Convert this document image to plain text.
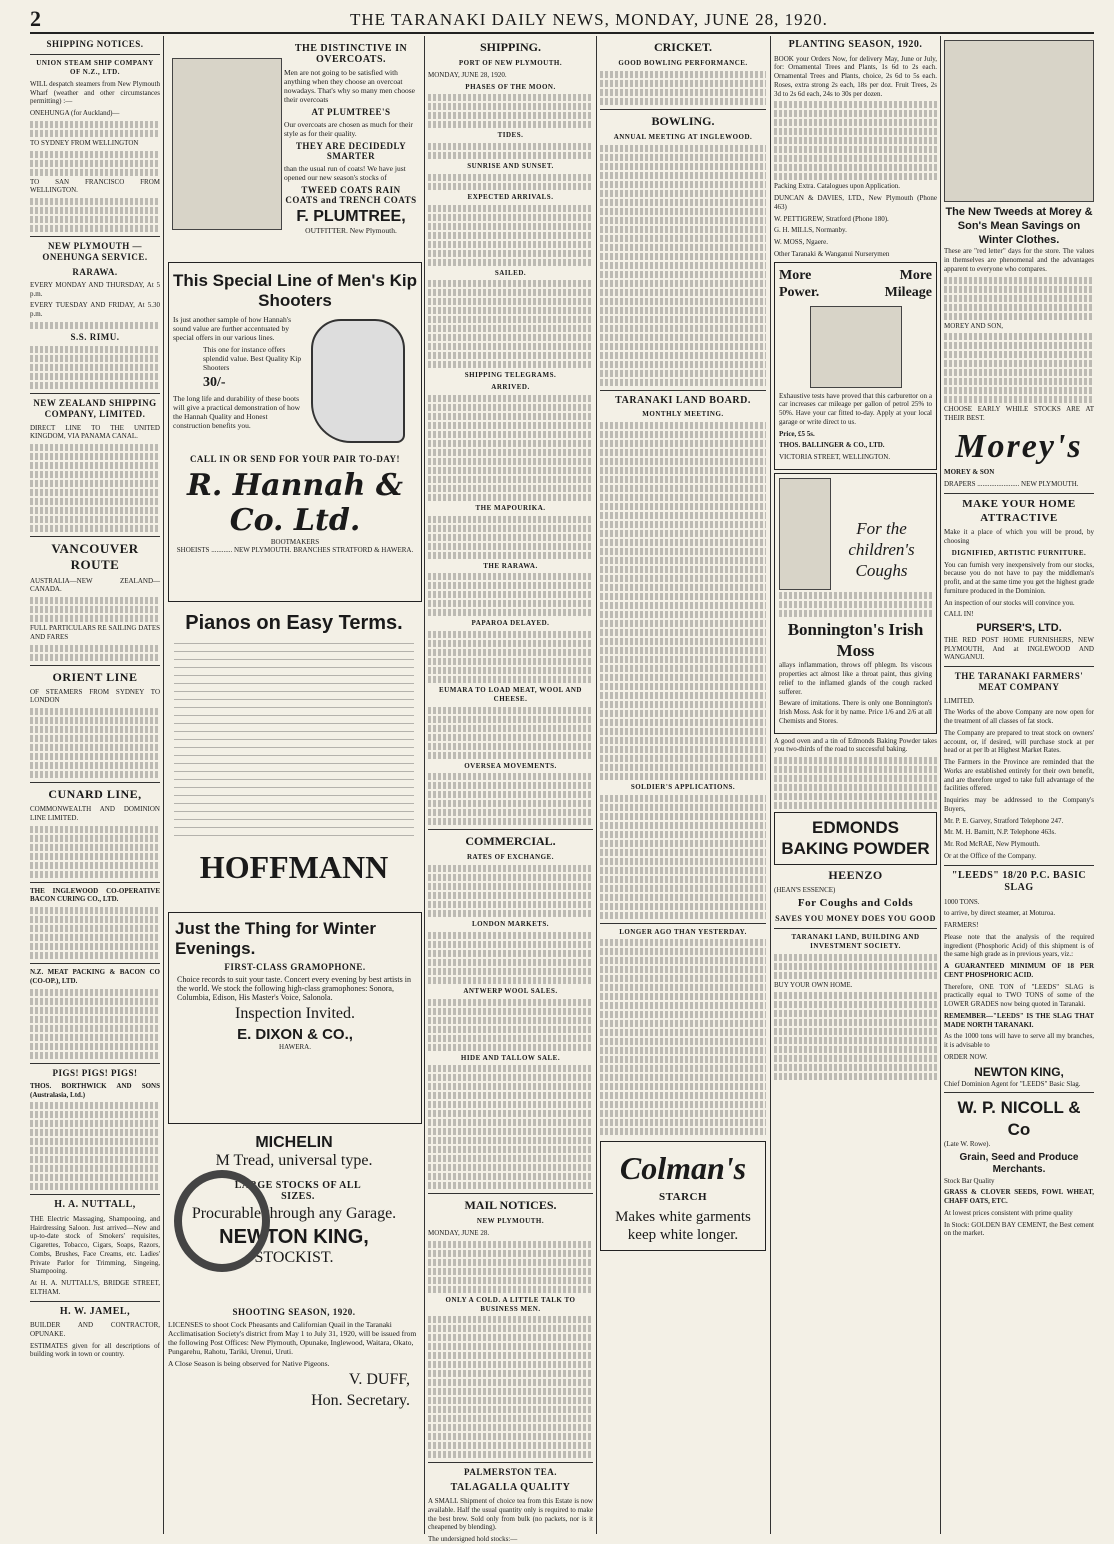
2	THE TARANAKI DAILY NEWS, MONDAY, JUNE 28, 1920.
SHIPPING NOTICES.
UNION STEAM SHIP COMPANY OF N.Z., LTD.

WILL despatch steamers from New Plymouth Wharf (weather and other circumstances permitting) :—

ONEHUNGA (for Auckland)—

TO SYDNEY FROM WELLINGTON

TO SAN FRANCISCO FROM WELLINGTON.

NEW PLYMOUTH — ONEHUNGA SERVICE.
RARAWA.

EVERY MONDAY AND THURSDAY, At 5 p.m.

EVERY TUESDAY AND FRIDAY, At 5.30 p.m.

S.S. RIMU.
NEW ZEALAND SHIPPING COMPANY, LIMITED.

DIRECT LINE TO THE UNITED KINGDOM, VIA PANAMA CANAL.

VANCOUVER ROUTE

AUSTRALIA—NEW ZEALAND—CANADA.

FULL PARTICULARS RE SAILING DATES AND FARES

ORIENT LINE

OF STEAMERS FROM SYDNEY TO LONDON

CUNARD LINE,

COMMONWEALTH AND DOMINION LINE LIMITED.

THE INGLEWOOD CO-OPERATIVE BACON CURING CO., LTD.

N.Z. MEAT PACKING & BACON CO (CO-OP.), LTD.

PIGS! PIGS! PIGS!

THOS. BORTHWICK AND SONS (Australasia, Ltd.)

H. A. NUTTALL,

THE Electric Massaging, Shampooing, and Hairdressing Saloon. Just arrived—New and up-to-date stock of Smokers' requisites, Cigarettes, Tobacco, Cigars, Soaps, Razors, Combs, Brushes, Face Creams, etc. Ladies' Private Parlor for Trimming, Singeing, Shampooing.

At H. A. NUTTALL'S, BRIDGE STREET, ELTHAM.

H. W. JAMEL,

BUILDER AND CONTRACTOR, OPUNAKE.

ESTIMATES given for all descriptions of building work in town or country.

THE DISTINCTIVE IN OVERCOATS.

Men are not going to be satisfied with anything when they choose an overcoat nowadays. That's why so many men choose their overcoats

AT PLUMTREE'S

Our overcoats are chosen as much for their style as for their quality.

THEY ARE DECIDEDLY SMARTER

than the usual run of coats! We have just opened our new season's stocks of

TWEED COATS RAIN COATS and TRENCH COATS
F. PLUMTREE,

OUTFITTER. New Plymouth.

This Special Line of Men's Kip Shooters

Is just another sample of how Hannah's sound value are further accentuated by special offers in our various lines.

This one for instance offers splendid value. Best Quality Kip Shooters

30/-

The long life and durability of these boots will give a practical demonstration of how the Hannah Quality and Honest construction benefits you.

CALL IN OR SEND FOR YOUR PAIR TO-DAY!
R. Hannah & Co. Ltd.
BOOTMAKERS
SHOEISTS ............ NEW PLYMOUTH. BRANCHES STRATFORD & HAWERA.
Pianos on Easy Terms.
HOFFMANN
Just the Thing for Winter Evenings.
FIRST-CLASS GRAMOPHONE.

Choice records to suit your taste. Concert every evening by best artists in the world. We stock the following high-class gramophones: Sonora, Columbia, Edison, His Master's Voice, Salonola.

Inspection Invited.

E. DIXON & CO.,
HAWERA.
MICHELIN

M Tread, universal type.

LARGE STOCKS OF ALL SIZES.

Procurable through any Garage.

NEWTON KING,

STOCKIST.

SHOOTING SEASON, 1920.

LICENSES to shoot Cock Pheasants and Californian Quail in the Taranaki Acclimatisation Society's district from May 1 to July 31, 1920, will be issued from the following Post Offices: New Plymouth, Opunake, Inglewood, Waitara, Okato, Pungarehu, Rahotu, Tariki, Urenui, Uruti.

A Close Season is being observed for Native Pigeons.

V. DUFF,

Hon. Secretary.

SHIPPING.
PORT OF NEW PLYMOUTH.

MONDAY, JUNE 28, 1920.

PHASES OF THE MOON.
TIDES.
SUNRISE AND SUNSET.
EXPECTED ARRIVALS.
SAILED.
SHIPPING TELEGRAMS.
ARRIVED.
THE MAPOURIKA.
THE RARAWA.
PAPAROA DELAYED.
EUMARA TO LOAD MEAT, WOOL AND CHEESE.
OVERSEA MOVEMENTS.
COMMERCIAL.
RATES OF EXCHANGE.
LONDON MARKETS.
ANTWERP WOOL SALES.
HIDE AND TALLOW SALE.
MAIL NOTICES.
NEW PLYMOUTH.

MONDAY, JUNE 28.

ONLY A COLD. A LITTLE TALK TO BUSINESS MEN.
PALMERSTON TEA.
TALAGALLA QUALITY

A SMALL Shipment of choice tea from this Estate is now available. Half the usual quantity only is required to make the best brew. Sold only from bulk (no packets, nor is it cheapened by blending).

The undersigned hold stocks:—

CRICKET.
GOOD BOWLING PERFORMANCE.
BOWLING.
ANNUAL MEETING AT INGLEWOOD.
TARANAKI LAND BOARD.
MONTHLY MEETING.
SOLDIER'S APPLICATIONS.
LONGER AGO THAN YESTERDAY.
Colman's
STARCH
Makes white garments keep white longer.
PLANTING SEASON, 1920.

BOOK your Orders Now, for delivery May, June or July, for: Ornamental Trees and Plants, 1s 6d to 2s each. Ornamental Trees and Plants, choice, 2s 6d to 5s each. Roses, extra strong 2s each, 18s per doz. Fruit Trees, 2s 3d to 2s 6d each, 24s to 30s per dozen.

Packing Extra. Catalogues upon Application.

DUNCAN & DAVIES, LTD., New Plymouth (Phone 463)

W. PETTIGREW, Stratford (Phone 180).

G. H. MILLS, Normanby.

W. MOSS, Ngaere.

Other Taranaki & Wanganui Nurserymen

More	More
Power.	Mileage

Exhaustive tests have proved that this carburettor on a car increases car mileage per gallon of petrol 25% to 50%. Have your car fitted to-day. Apply at your local garage or write direct to us.

Price, £5 5s.

THOS. BALLINGER & CO., LTD.

VICTORIA STREET, WELLINGTON.

For the children's Coughs
Bonnington's Irish Moss

allays inflammation, throws off phlegm. Its viscous properties act almost like a throat paint, thus giving relief to the inflamed glands of the cough racked sufferer.

Beware of imitations. There is only one Bonnington's Irish Moss. Ask for it by name. Price 1/6 and 2/6 at all Chemists and Stores.

A good oven and a tin of Edmonds Baking Powder takes you two-thirds of the road to successful baking.

EDMONDS BAKING POWDER
HEENZO

(HEAN'S ESSENCE)

For Coughs and Colds
SAVES YOU MONEY DOES YOU GOOD
TARANAKI LAND, BUILDING AND INVESTMENT SOCIETY.

BUY YOUR OWN HOME.

The New Tweeds at Morey & Son's Mean Savings on Winter Clothes.

These are "red letter" days for the store. The values in themselves are phenomenal and the advantages apparent to everyone who compares.

MOREY AND SON,

CHOOSE EARLY WHILE STOCKS ARE AT THEIR BEST.

Morey's

MOREY & SON

DRAPERS ........................ NEW PLYMOUTH.

MAKE YOUR HOME ATTRACTIVE

Make it a place of which you will be proud, by choosing

DIGNIFIED, ARTISTIC FURNITURE.

You can furnish very inexpensively from our stocks, because you do not have to pay the middleman's profit, and at the same time you get the highest grade furniture produced in the Dominion.

An inspection of our stocks will convince you.

CALL IN!

PURSER'S, LTD.

THE RED POST HOME FURNISHERS, NEW PLYMOUTH, And at INGLEWOOD AND WANGANUI.

THE TARANAKI FARMERS' MEAT COMPANY

LIMITED.

The Works of the above Company are now open for the treatment of all classes of fat stock.

The Company are prepared to treat stock on owners' account, or, if desired, will purchase stock at per head or at per lb at Highest Market Rates.

The Farmers in the Province are reminded that the Works are established entirely for their own benefit, and are therefore urged to take full advantage of the facilities offered.

Inquiries may be addressed to the Company's Buyers,

Mr. P. E. Garvey, Stratford Telephone 247.

Mr. M. H. Barnitt, N.P. Telephone 463s.

Mr. Rod McRAE, New Plymouth.

Or at the Office of the Company.

"LEEDS" 18/20 P.C. BASIC SLAG

1000 TONS.

to arrive, by direct steamer, at Moturoa.

FARMERS!

Please note that the analysis of the required ingredient (Phosphoric Acid) of this shipment is of the same high grade as in previous years, viz.:

A GUARANTEED MINIMUM OF 18 PER CENT PHOSPHORIC ACID.

Therefore, ONE TON of "LEEDS" SLAG is practically equal to TWO TONS of some of the LOWER GRADES now being quoted in Taranaki.

REMEMBER—"LEEDS" IS THE SLAG THAT MADE NORTH TARANAKI.

As the 1000 tons will have to serve all my branches, it is advisable to

ORDER NOW.

NEWTON KING,

Chief Dominion Agent for "LEEDS" Basic Slag.

W. P. NICOLL & Co

(Late W. Rowe).

Grain, Seed and Produce Merchants.

Stock Bar Quality

GRASS & CLOVER SEEDS, FOWL WHEAT, CHAFF OATS, ETC.

At lowest prices consistent with prime quality

In Stock: GOLDEN BAY CEMENT, the Best cement on the market.
